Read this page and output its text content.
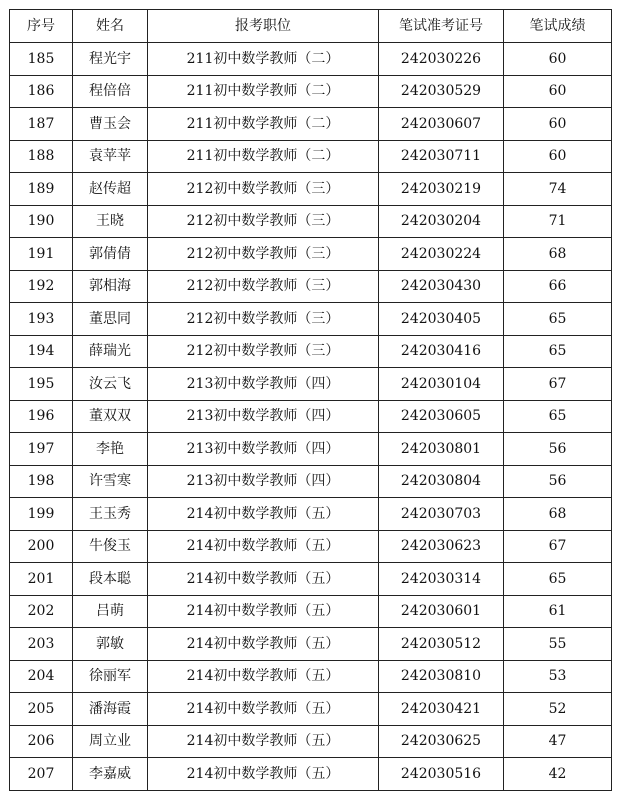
序号	姓名	报考职位	笔试准考证号	笔试成绩
185	程光宇	211初中数学教师（二）	242030226	60
186	程倍倍	211初中数学教师（二）	242030529	60
187	曹玉会	211初中数学教师（二）	242030607	60
188	袁苹苹	211初中数学教师（二）	242030711	60
189	赵传超	212初中数学教师（三）	242030219	74
190	王晓	212初中数学教师（三）	242030204	71
191	郭倩倩	212初中数学教师（三）	242030224	68
192	郭相海	212初中数学教师（三）	242030430	66
193	董思同	212初中数学教师（三）	242030405	65
194	薛瑞光	212初中数学教师（三）	242030416	65
195	汝云飞	213初中数学教师（四）	242030104	67
196	董双双	213初中数学教师（四）	242030605	65
197	李艳	213初中数学教师（四）	242030801	56
198	许雪寒	213初中数学教师（四）	242030804	56
199	王玉秀	214初中数学教师（五）	242030703	68
200	牛俊玉	214初中数学教师（五）	242030623	67
201	段本聪	214初中数学教师（五）	242030314	65
202	吕萌	214初中数学教师（五）	242030601	61
203	郭敏	214初中数学教师（五）	242030512	55
204	徐丽军	214初中数学教师（五）	242030810	53
205	潘海霞	214初中数学教师（五）	242030421	52
206	周立业	214初中数学教师（五）	242030625	47
207	李嘉威	214初中数学教师（五）	242030516	42
